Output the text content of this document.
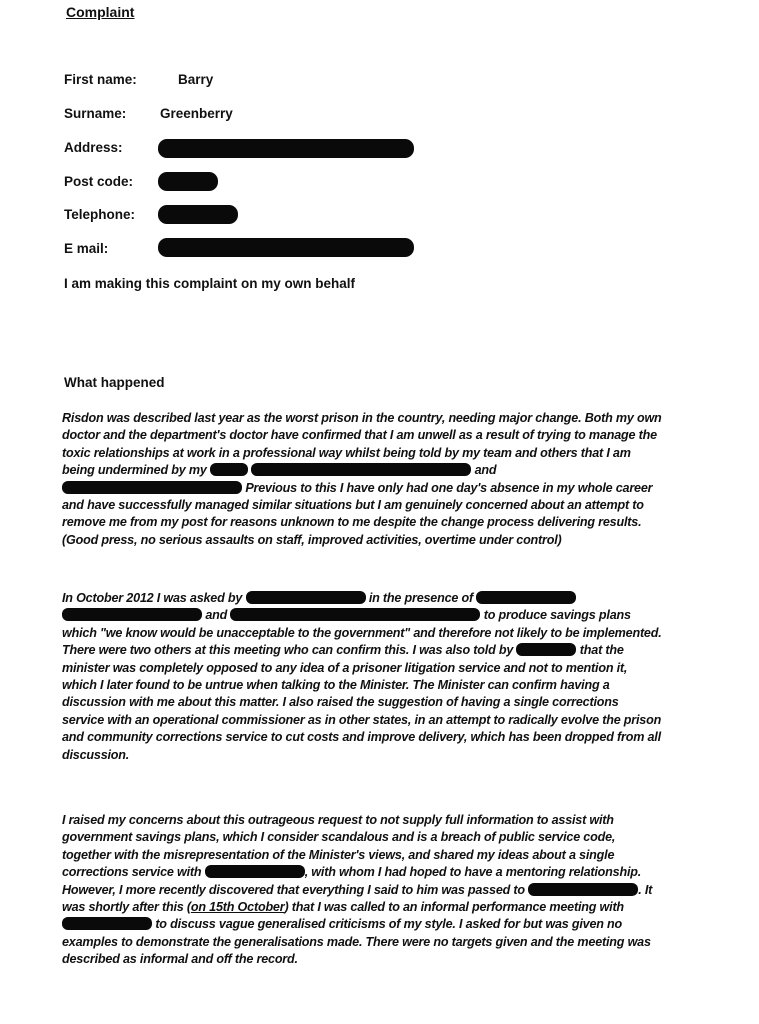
Complaint
First name:	Barry
Surname: Greenberry
Address:
Post code:
Telephone:
E mail:
I am making this complaint on my own behalf
What happened
Risdon was described last year as the worst prison in the country, needing major change. Both my own doctor and the department's doctor have confirmed that I am unwell as a result of trying to manage the toxic relationships at work in a professional way whilst being told by my team and others that I am being undermined by my	and  Previous to this I have only had one day's absence in my whole career and have successfully managed similar situations but I am genuinely concerned about an attempt to remove me from my post for reasons unknown to me despite the change process delivering results. (Good press, no serious assaults on staff, improved activities, overtime under control)
In October 2012 I was asked by	in the presence of   and	to produce savings plans which "we know would be unacceptable to the government" and therefore not likely to be implemented. There were two others at this meeting who can confirm this. I was also told by	that the minister was completely opposed to any idea of a prisoner litigation service and not to mention it, which I later found to be untrue when talking to the Minister. The Minister can confirm having a discussion with me about this matter. I also raised the suggestion of having a single corrections service with an operational commissioner as in other states, in an attempt to radically evolve the prison and community corrections service to cut costs and improve delivery, which has been dropped from all discussion.
I raised my concerns about this outrageous request to not supply full information to assist with government savings plans, which I consider scandalous and is a breach of public service code, together with the misrepresentation of the Minister's views, and shared my ideas about a single corrections service with	, with whom I had hoped to have a mentoring relationship. However, I more recently discovered that everything I said to him was passed to	. It was shortly after this (on 15th October) that I was called to an informal performance meeting with  to discuss vague generalised criticisms of my style. I asked for but was given no examples to demonstrate the generalisations made. There were no targets given and the meeting was described as informal and off the record.
